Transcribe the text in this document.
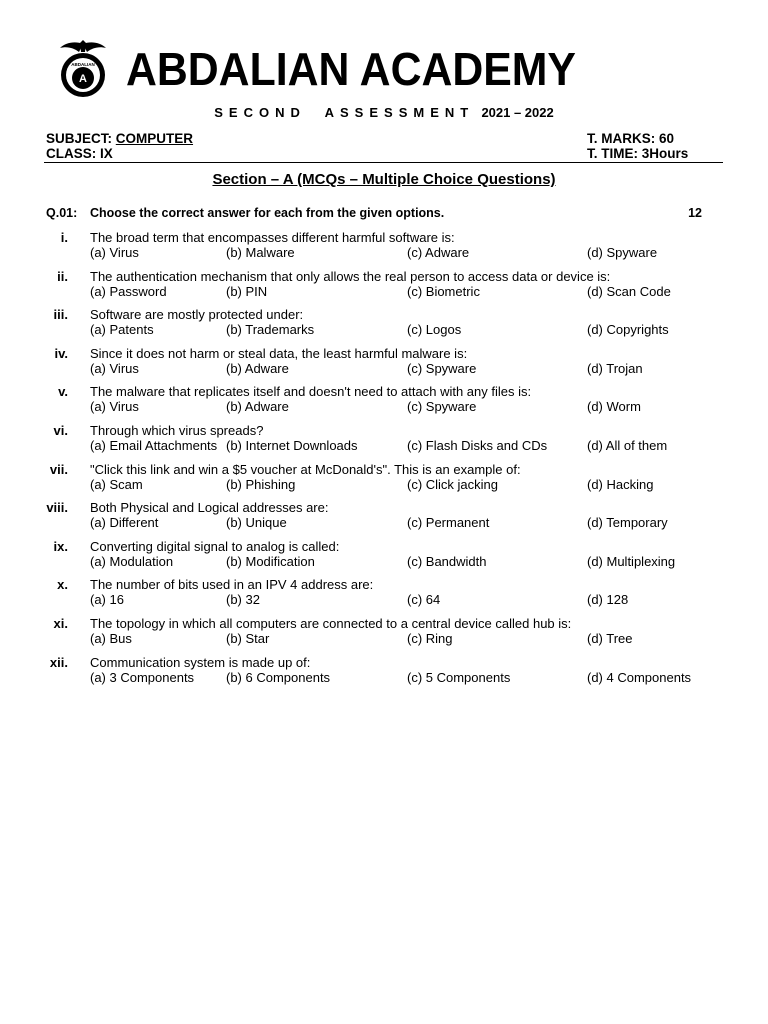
A
ABDALIAN ABDALIAN ACADEMY
SECOND  ASSESSMENT 2021 – 2022
SUBJECT: COMPUTER
CLASS: IX
T. MARKS: 60
T. TIME: 3Hours
Section – A (MCQs – Multiple Choice Questions)
Q.01: Choose the correct answer for each from the given options.	12
i. The broad term that encompasses different harmful software is:
(a) Virus	(b) Malware	(c) Adware	(d) Spyware
ii. The authentication mechanism that only allows the real person to access data or device is:
(a) Password	(b) PIN	(c) Biometric	(d) Scan Code
iii. Software are mostly protected under:
(a) Patents	(b) Trademarks	(c) Logos	(d) Copyrights
iv. Since it does not harm or steal data, the least harmful malware is:
(a) Virus	(b) Adware	(c) Spyware	(d) Trojan
v. The malware that replicates itself and doesn't need to attach with any files is:
(a) Virus	(b) Adware	(c) Spyware	(d) Worm
vi. Through which virus spreads?
(a) Email Attachments (b) Internet Downloads	(c) Flash Disks and CDs	(d) All of them
vii. "Click this link and win a $5 voucher at McDonald's". This is an example of:
(a) Scam	(b) Phishing	(c) Click jacking	(d) Hacking
viii. Both Physical and Logical addresses are:
(a) Different	(b) Unique	(c) Permanent	(d) Temporary
ix. Converting digital signal to analog is called:
(a) Modulation	(b) Modification	(c) Bandwidth	(d) Multiplexing
x. The number of bits used in an IPV 4 address are:
(a) 16	(b) 32	(c) 64	(d) 128
xi. The topology in which all computers are connected to a central device called hub is:
(a) Bus	(b) Star	(c) Ring	(d) Tree
xii. Communication system is made up of:
(a) 3 Components (b) 6 Components	(c) 5 Components	(d) 4 Components
